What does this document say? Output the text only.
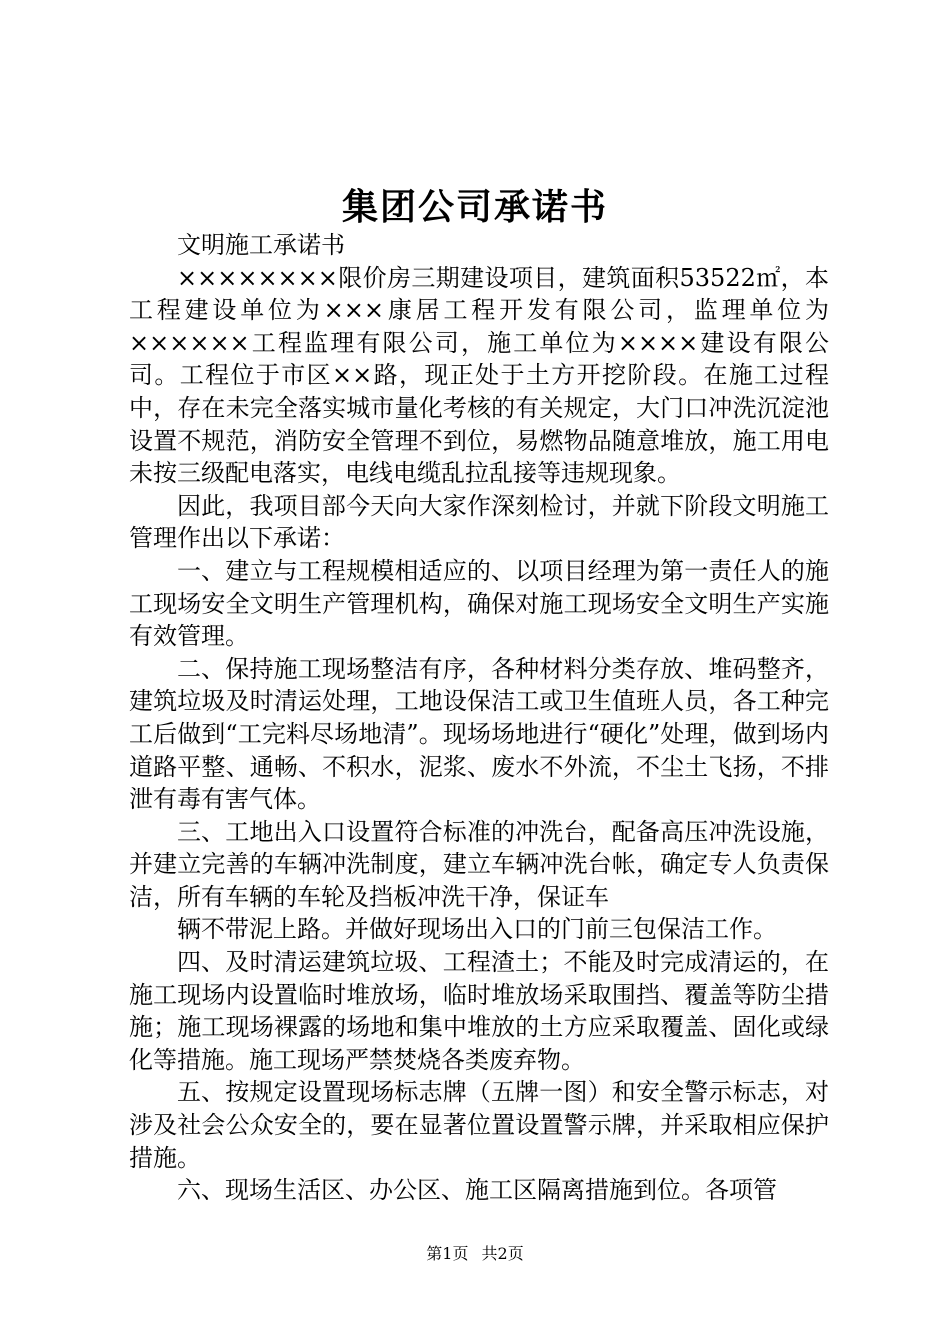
集团公司承诺书

文明施工承诺书

××××××××限价房三期建设项目，建筑面积53522㎡，本工程建设单位为×××康居工程开发有限公司，监理单位为××××××工程监理有限公司，施工单位为××××建设有限公司。工程位于市区××路，现正处于土方开挖阶段。在施工过程中，存在未完全落实城市量化考核的有关规定，大门口冲洗沉淀池设置不规范，消防安全管理不到位，易燃物品随意堆放，施工用电未按三级配电落实，电线电缆乱拉乱接等违规现象。

因此，我项目部今天向大家作深刻检讨，并就下阶段文明施工管理作出以下承诺：

一、建立与工程规模相适应的、以项目经理为第一责任人的施工现场安全文明生产管理机构，确保对施工现场安全文明生产实施有效管理。

二、保持施工现场整洁有序，各种材料分类存放、堆码整齐，建筑垃圾及时清运处理，工地设保洁工或卫生值班人员，各工种完工后做到“工完料尽场地清”。现场场地进行“硬化”处理，做到场内道路平整、通畅、不积水，泥浆、废水不外流，不尘土飞扬，不排泄有毒有害气体。

三、工地出入口设置符合标准的冲洗台，配备高压冲洗设施，并建立完善的车辆冲洗制度，建立车辆冲洗台帐，确定专人负责保洁，所有车辆的车轮及挡板冲洗干净，保证车

辆不带泥上路。并做好现场出入口的门前三包保洁工作。

四、及时清运建筑垃圾、工程渣土；不能及时完成清运的，在施工现场内设置临时堆放场，临时堆放场采取围挡、覆盖等防尘措施；施工现场裸露的场地和集中堆放的土方应采取覆盖、固化或绿化等措施。施工现场严禁焚烧各类废弃物。

五、按规定设置现场标志牌（五牌一图）和安全警示标志，对涉及社会公众安全的，要在显著位置设置警示牌，并采取相应保护措施。

六、现场生活区、办公区、施工区隔离措施到位。各项管

第1页 共2页
